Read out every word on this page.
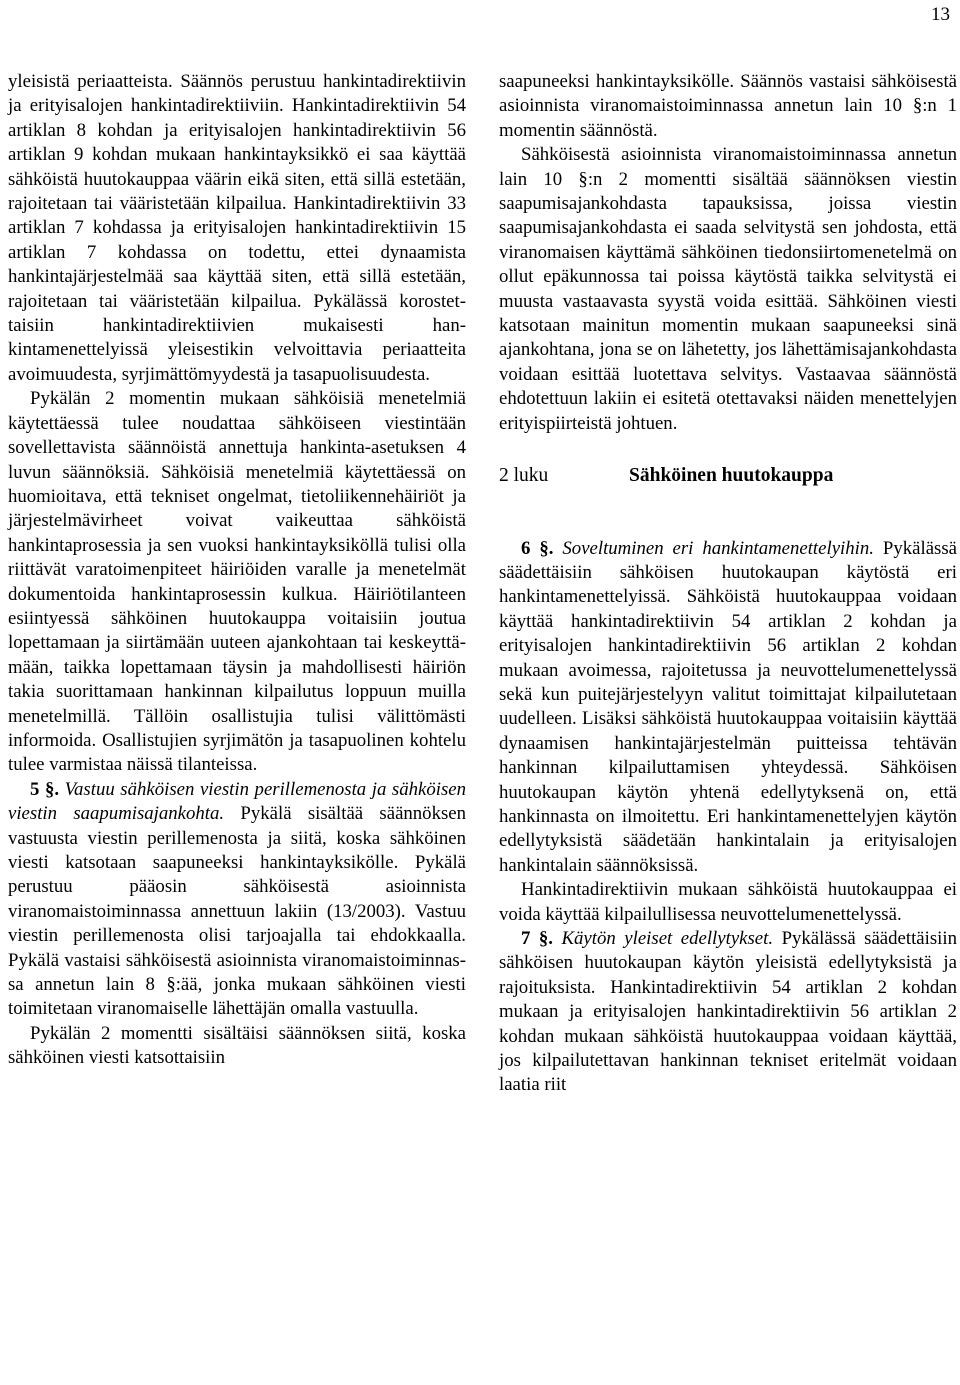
13

yleisistä periaatteista. Säännös perustuu hankintadirektiivin ja erityisalojen hankintadirektiiviin. Hankintadirektiivin 54 artiklan 8 kohdan ja erityisalojen hankintadirektiivin 56 artiklan 9 kohdan mukaan hankintayksikkö ei saa käyttää sähköistä huutokauppaa väärin eikä siten, että sillä estetään, rajoitetaan tai vääristetään kilpailua. Hankintadirektiivin 33 artiklan 7 kohdassa ja erityisalojen hankintadirektiivin 15 artiklan 7 kohdassa on todettu, ettei dynaamista hankintajärjestelmää saa käyttää siten, että sillä estetään, rajoitetaan tai vääristetään kilpailua. Pykälässä korostettaisiin hankintadirektiivien mukaisesti hankintamenettelyissä yleisestikin velvoittavia periaatteita avoimuudesta, syrjimättömyydestä ja tasapuolisuudesta.

Pykälän 2 momentin mukaan sähköisiä menetelmiä käytettäessä tulee noudattaa sähköiseen viestintään sovellettavista säännöistä annettuja hankinta-asetuksen 4 luvun säännöksiä. Sähköisiä menetelmiä käytettäessä on huomioitava, että tekniset ongelmat, tietoliikennehäiriöt ja järjestelmävirheet voivat vaikeuttaa sähköistä hankintaprosessia ja sen vuoksi hankintayksiköllä tulisi olla riittävät varatoimenpiteet häiriöiden varalle ja menetelmät dokumentoida hankintaprosessin kulkua. Häiriötilanteen esiintyessä sähköinen huutokauppa voitaisiin joutua lopettamaan ja siirtämään uuteen ajankohtaan tai keskeyttämään, taikka lopettamaan täysin ja mahdollisesti häiriön takia suorittamaan hankinnan kilpailutus loppuun muilla menetelmillä. Tällöin osallistujia tulisi välittömästi informoida. Osallistujien syrjimätön ja tasapuolinen kohtelu tulee varmistaa näissä tilanteissa.

5 §. Vastuu sähköisen viestin perillemenosta ja sähköisen viestin saapumisajankohta. Pykälä sisältää säännöksen vastuusta viestin perillemenosta ja siitä, koska sähköinen viesti katsotaan saapuneeksi hankintayksikölle. Pykälä perustuu pääosin sähköisestä asioinnista viranomaistoiminnassa annettuun lakiin (13/2003). Vastuu viestin perillemenosta olisi tarjoajalla tai ehdokkaalla. Pykälä vastaisi sähköisestä asioinnista viranomaistoiminnassa annetun lain 8 §:ää, jonka mukaan sähköinen viesti toimitetaan viranomaiselle lähettäjän omalla vastuulla.

Pykälän 2 momentti sisältäisi säännöksen siitä, koska sähköinen viesti katsottaisiin

saapuneeksi hankintayksikölle. Säännös vastaisi sähköisestä asioinnista viranomaistoiminnassa annetun lain 10 §:n 1 momentin säännöstä.

Sähköisestä asioinnista viranomaistoiminnassa annetun lain 10 §:n 2 momentti sisältää säännöksen viestin saapumisajankohdasta tapauksissa, joissa viestin saapumisajankohdasta ei saada selvitystä sen johdosta, että viranomaisen käyttämä sähköinen tiedonsiirtomenetelmä on ollut epäkunnossa tai poissa käytöstä taikka selvitystä ei muusta vastaavasta syystä voida esittää. Sähköinen viesti katsotaan mainitun momentin mukaan saapuneeksi sinä ajankohtana, jona se on lähetetty, jos lähettämisajankohdasta voidaan esittää luotettava selvitys. Vastaavaa säännöstä ehdotettuun lakiin ei esitetä otettavaksi näiden menettelyjen erityispiirteistä johtuen.

2 luku	Sähköinen huutokauppa

6 §. Soveltuminen eri hankintamenettelyihin. Pykälässä säädettäisiin sähköisen huutokaupan käytöstä eri hankintamenettelyissä. Sähköistä huutokauppaa voidaan käyttää hankintadirektiivin 54 artiklan 2 kohdan ja erityisalojen hankintadirektiivin 56 artiklan 2 kohdan mukaan avoimessa, rajoitetussa ja neuvottelumenettelyssä sekä kun puitejärjestelyyn valitut toimittajat kilpailutetaan uudelleen. Lisäksi sähköistä huutokauppaa voitaisiin käyttää dynaamisen hankintajärjestelmän puitteissa tehtävän hankinnan kilpailuttamisen yhteydessä. Sähköisen huutokaupan käytön yhtenä edellytyksenä on, että hankinnasta on ilmoitettu. Eri hankintamenettelyjen käytön edellytyksistä säädetään hankintalain ja erityisalojen hankintalain säännöksissä.

Hankintadirektiivin mukaan sähköistä huutokauppaa ei voida käyttää kilpailullisessa neuvottelumenettelyssä.

7 §. Käytön yleiset edellytykset. Pykälässä säädettäisiin sähköisen huutokaupan käytön yleisistä edellytyksistä ja rajoituksista. Hankintadirektiivin 54 artiklan 2 kohdan mukaan ja erityisalojen hankintadirektiivin 56 artiklan 2 kohdan mukaan sähköistä huutokauppaa voidaan käyttää, jos kilpailutettavan hankinnan tekniset eritelmät voidaan laatia riit
